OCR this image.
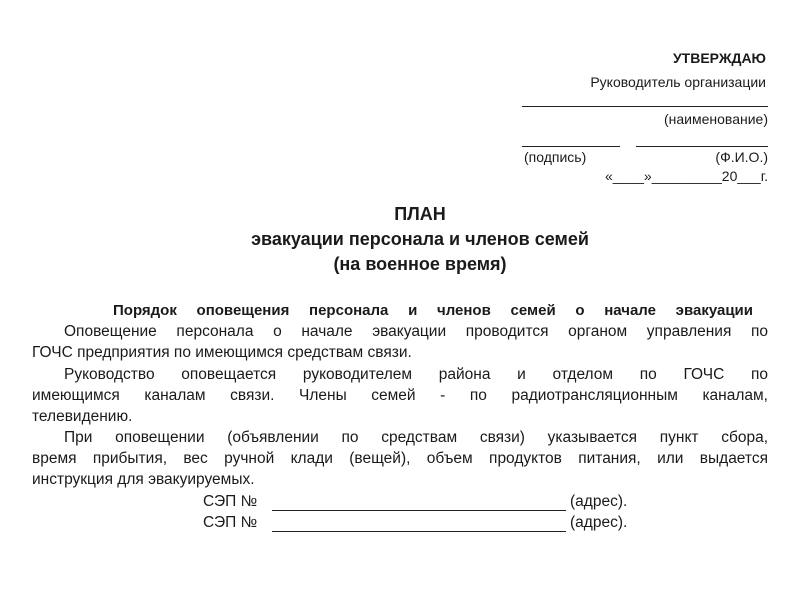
УТВЕРЖДАЮ
Руководитель организации
(наименование)
(подпись)	(Ф.И.О.)
«____»_________20___г.
ПЛАН
эвакуации персонала и членов семей
(на военное время)
Порядок оповещения персонала и членов семей о начале эвакуации
Оповещение персонала о начале эвакуации проводится органом управления по
ГОЧС предприятия по имеющимся средствам связи.
Руководство оповещается руководителем района и отделом по ГОЧС по
имеющимся каналам связи. Члены семей - по радиотрансляционным каналам,
телевидению.
При оповещении (объявлении по средствам связи) указывается пункт сбора,
время прибытия, вес ручной клади (вещей), объем продуктов питания, или выдается
инструкция для эвакуируемых.
СЭП №	(адрес).
СЭП №	(адрес).
